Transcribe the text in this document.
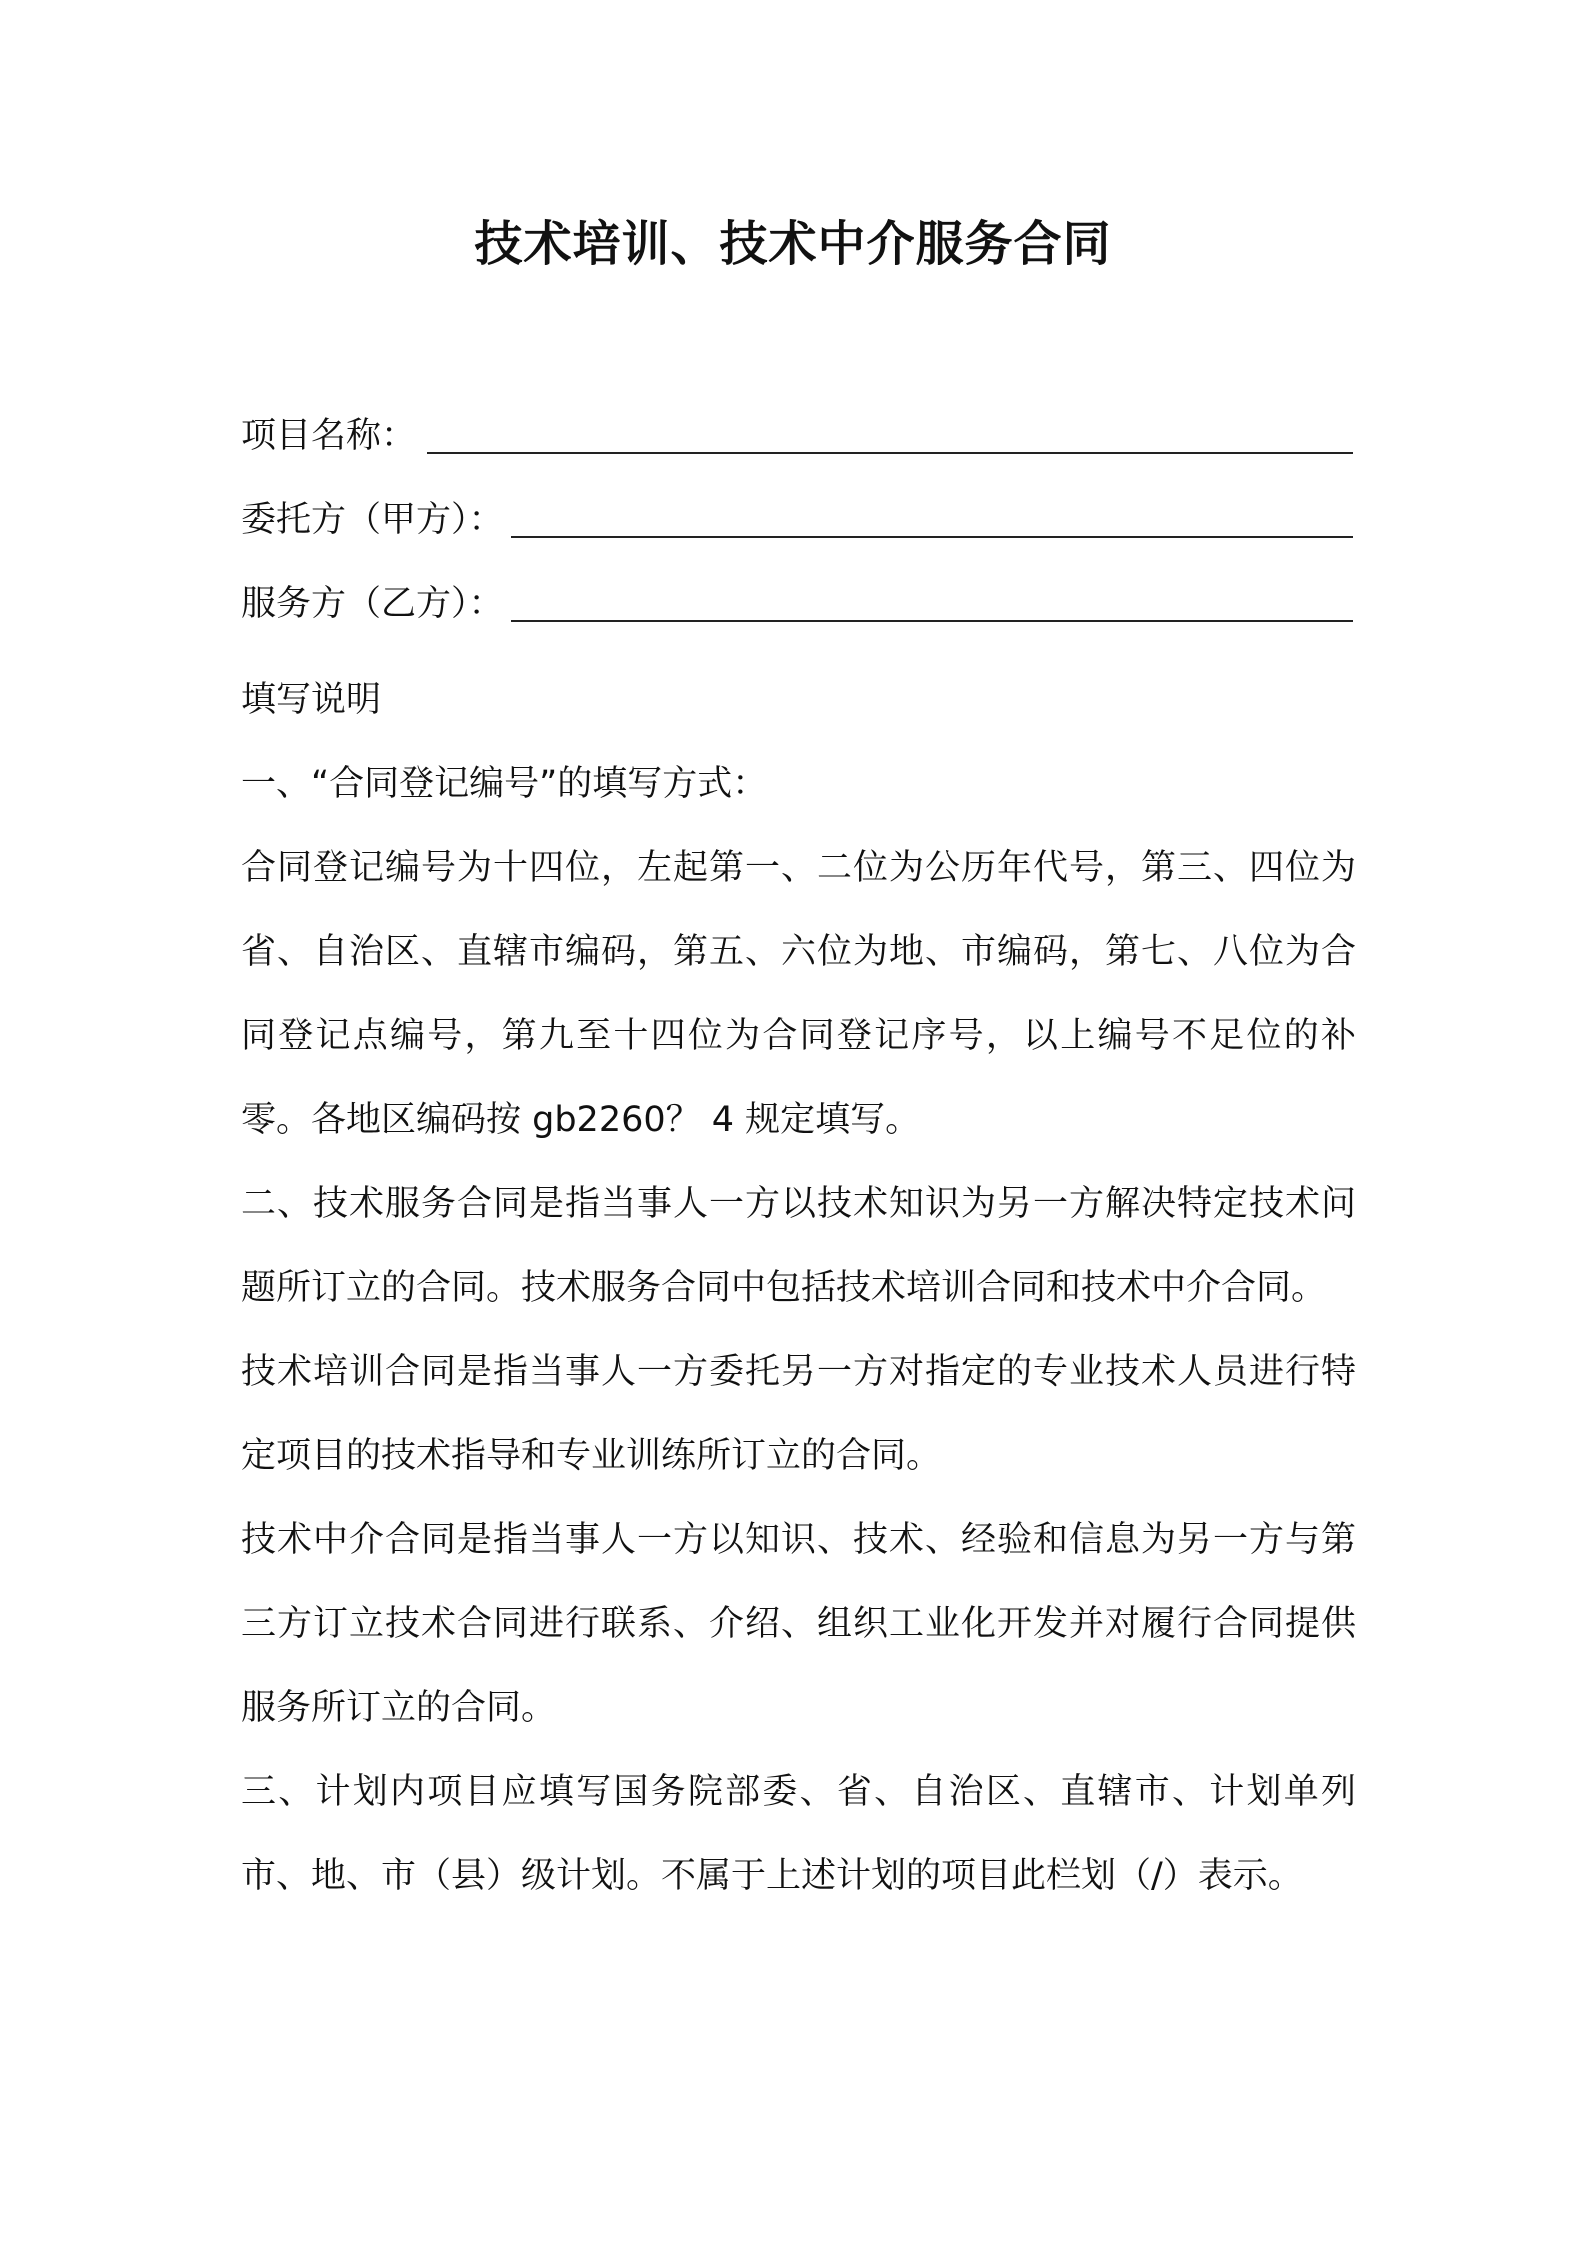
技术培训、技术中介服务合同
项目名称：
委托方（甲方）：
服务方（乙方）：

填写说明

一、“合同登记编号”的填写方式：

合同登记编号为十四位，左起第一、二位为公历年代号，第三、四位为省、自治区、直辖市编码，第五、六位为地、市编码，第七、八位为合同登记点编号，第九至十四位为合同登记序号，以上编号不足位的补零。各地区编码按 gb2260？ 4 规定填写。

二、技术服务合同是指当事人一方以技术知识为另一方解决特定技术问题所订立的合同。技术服务合同中包括技术培训合同和技术中介合同。

技术培训合同是指当事人一方委托另一方对指定的专业技术人员进行特定项目的技术指导和专业训练所订立的合同。

技术中介合同是指当事人一方以知识、技术、经验和信息为另一方与第三方订立技术合同进行联系、介绍、组织工业化开发并对履行合同提供服务所订立的合同。

三、计划内项目应填写国务院部委、省、自治区、直辖市、计划单列市、地、市（县）级计划。不属于上述计划的项目此栏划（/）表示。
